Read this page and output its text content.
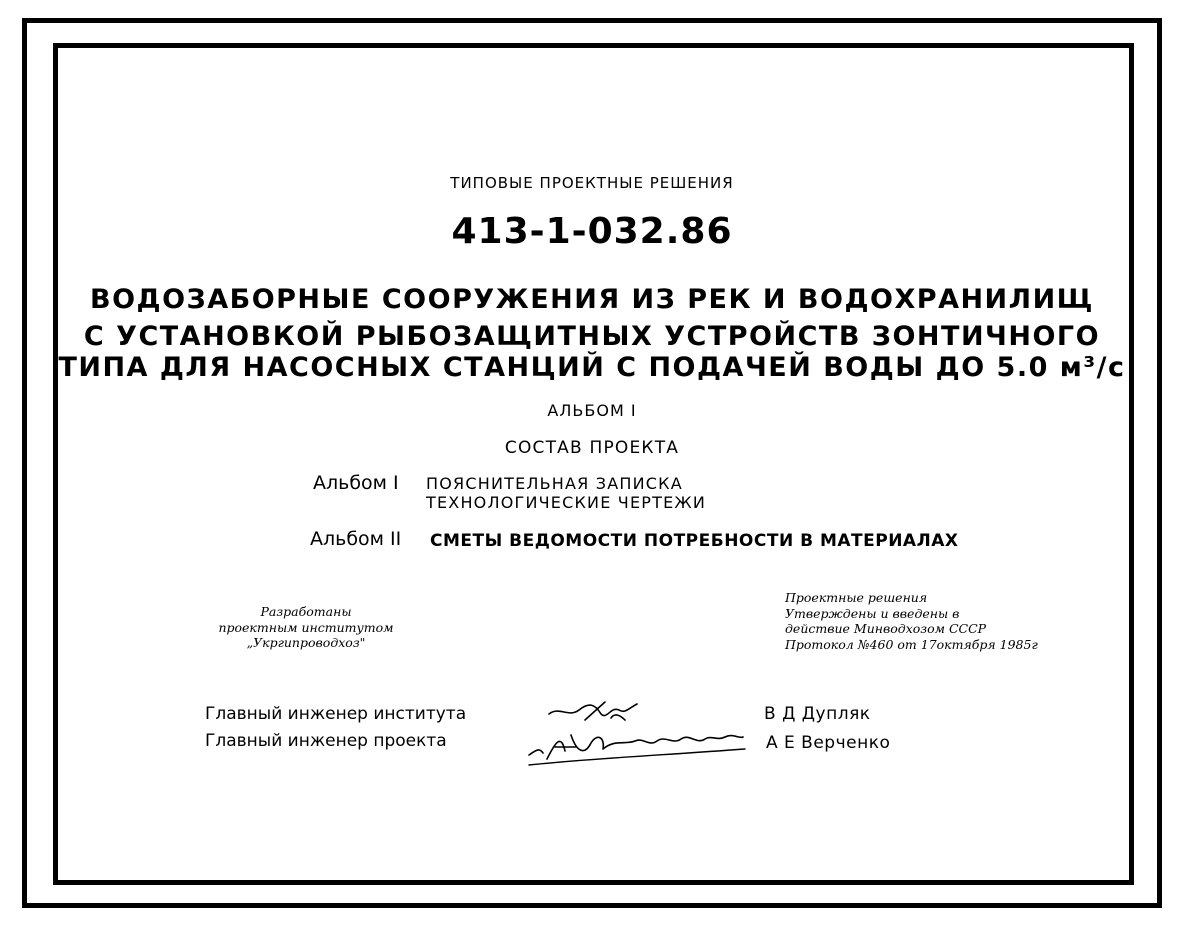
ТИПОВЫЕ ПРОЕКТНЫЕ РЕШЕНИЯ
413-1-032.86
ВОДОЗАБОРНЫЕ СООРУЖЕНИЯ ИЗ РЕК И ВОДОХРАНИЛИЩ
С УСТАНОВКОЙ РЫБОЗАЩИТНЫХ УСТРОЙСТВ ЗОНТИЧНОГО
ТИПА ДЛЯ НАСОСНЫХ СТАНЦИЙ С ПОДАЧЕЙ ВОДЫ ДО 5.0 м³/с
АЛЬБОМ I
СОСТАВ ПРОЕКТА
Альбом I ПОЯСНИТЕЛЬНАЯ ЗАПИСКА
ТЕХНОЛОГИЧЕСКИЕ ЧЕРТЕЖИ
Альбом II СМЕТЫ ВЕДОМОСТИ ПОТРЕБНОСТИ В МАТЕРИАЛАХ
Разработаны
проектным институтом
„Укргипроводхоз"
Проектные решения
Утверждены и введены в
действие Минводхозом СССР
Протокол №460 от 17октября 1985г
Главный инженер института
Главный инженер проекта
В Д Дупляк
А Е Верченко
